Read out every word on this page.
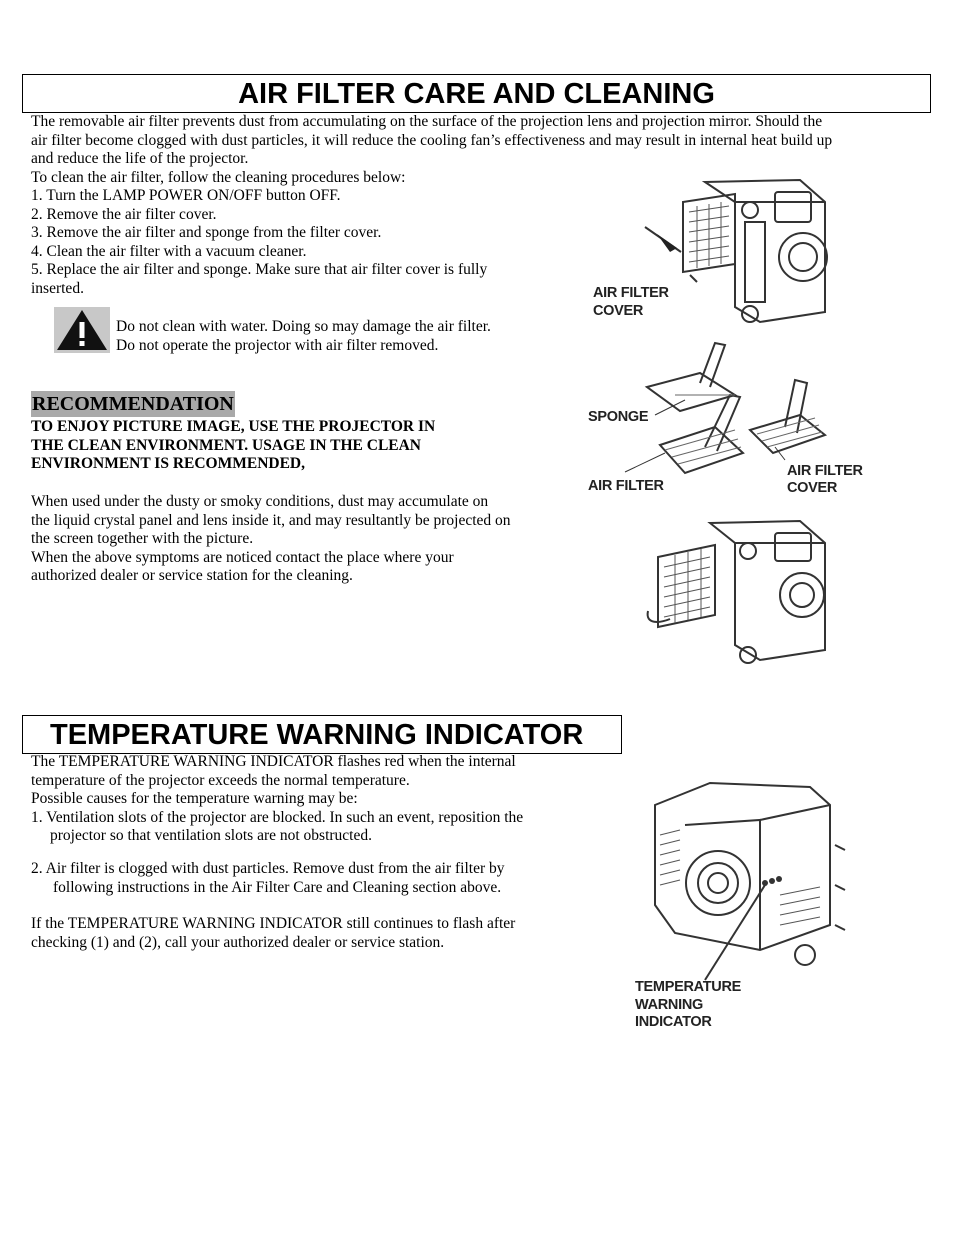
AIR FILTER CARE AND CLEANING
The removable air filter prevents dust from accumulating on the surface of the projection lens and projection mirror. Should the
air filter become clogged with dust particles, it will reduce the cooling fan’s effectiveness and may result in internal heat build up
and reduce the life of the projector.
To clean the air filter, follow the cleaning procedures below:
1. Turn the LAMP POWER ON/OFF button OFF.
2. Remove the air filter cover.
3. Remove the air filter and sponge from the filter cover.
4. Clean the air filter with a vacuum cleaner.
5. Replace the air filter and sponge. Make sure that air filter cover is fully
inserted.
Do not clean with water. Doing so may damage the air filter.
Do not operate the projector with air filter removed.
RECOMMENDATION
TO ENJOY PICTURE IMAGE, USE THE PROJECTOR IN
THE CLEAN ENVIRONMENT. USAGE IN THE CLEAN
ENVIRONMENT IS RECOMMENDED,
When used under the dusty or smoky conditions, dust may accumulate on
the liquid crystal panel and lens inside it, and may resultantly be projected on
the screen together with the picture.
When the above symptoms are noticed contact the place where your
authorized dealer or service station for the cleaning.
AIR FILTER
COVER
SPONGE
AIR FILTER
AIR FILTER
COVER
TEMPERATURE WARNING INDICATOR
The TEMPERATURE WARNING INDICATOR flashes red when the internal
temperature of the projector exceeds the normal temperature.
Possible causes for the temperature warning may be:
1. Ventilation slots of the projector are blocked. In such an event, reposition the
projector so that ventilation slots are not obstructed.
2. Air filter is clogged with dust particles. Remove dust from the air filter by
following instructions in the Air Filter Care and Cleaning section above.
If the TEMPERATURE WARNING INDICATOR still continues to flash after
checking (1) and (2), call your authorized dealer or service station.
TEMPERATURE
WARNING
INDICATOR
